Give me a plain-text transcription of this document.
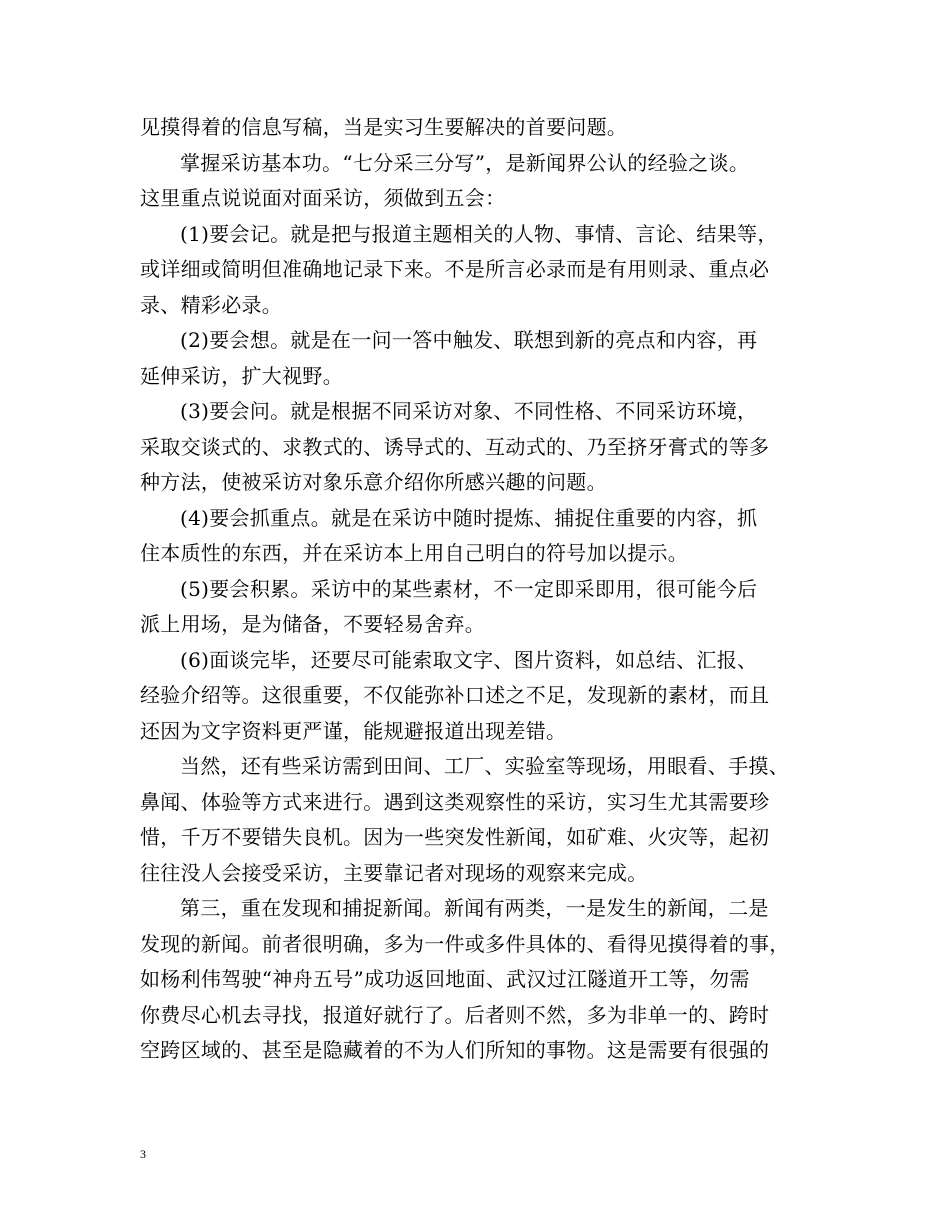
见摸得着的信息写稿，当是实习生要解决的首要问题。

掌握采访基本功。“七分采三分写”，是新闻界公认的经验之谈。
这里重点说说面对面采访，须做到五会：

(1)要会记。就是把与报道主题相关的人物、事情、言论、结果等，
或详细或简明但准确地记录下来。不是所言必录而是有用则录、重点必
录、精彩必录。

(2)要会想。就是在一问一答中触发、联想到新的亮点和内容，再
延伸采访，扩大视野。

(3)要会问。就是根据不同采访对象、不同性格、不同采访环境，
采取交谈式的、求教式的、诱导式的、互动式的、乃至挤牙膏式的等多
种方法，使被采访对象乐意介绍你所感兴趣的问题。

(4)要会抓重点。就是在采访中随时提炼、捕捉住重要的内容，抓
住本质性的东西，并在采访本上用自己明白的符号加以提示。

(5)要会积累。采访中的某些素材，不一定即采即用，很可能今后
派上用场，是为储备，不要轻易舍弃。

(6)面谈完毕，还要尽可能索取文字、图片资料，如总结、汇报、
经验介绍等。这很重要，不仅能弥补口述之不足，发现新的素材，而且
还因为文字资料更严谨，能规避报道出现差错。

当然，还有些采访需到田间、工厂、实验室等现场，用眼看、手摸、
鼻闻、体验等方式来进行。遇到这类观察性的采访，实习生尤其需要珍
惜，千万不要错失良机。因为一些突发性新闻，如矿难、火灾等，起初
往往没人会接受采访，主要靠记者对现场的观察来完成。

第三，重在发现和捕捉新闻。新闻有两类，一是发生的新闻，二是
发现的新闻。前者很明确，多为一件或多件具体的、看得见摸得着的事，
如杨利伟驾驶“神舟五号”成功返回地面、武汉过江隧道开工等，勿需
你费尽心机去寻找，报道好就行了。后者则不然，多为非单一的、跨时
空跨区域的、甚至是隐藏着的不为人们所知的事物。这是需要有很强的

3
